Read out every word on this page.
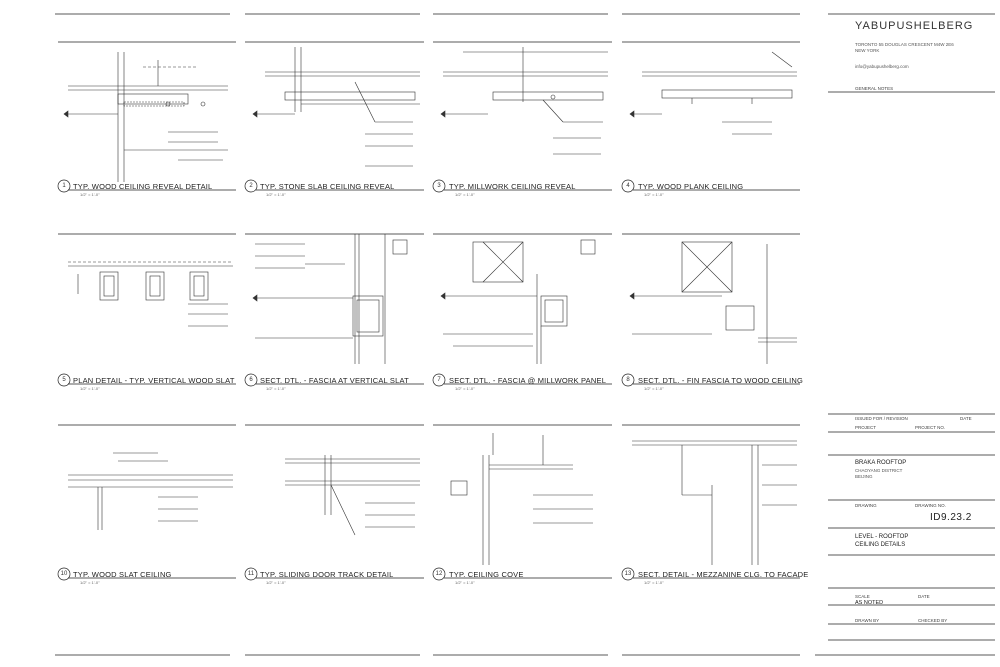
1 TYP. WOOD CEILING REVEAL DETAIL
1/2" = 1'-0"
2 TYP. STONE SLAB CEILING REVEAL
1/2" = 1'-0"
3	TYP. MILLWORK CEILING REVEAL
1/2" = 1'-0"
4	TYP. WOOD PLANK CEILING
1/2" = 1'-0"
5 PLAN DETAIL - TYP. VERTICAL WOOD SLAT
1/2" = 1'-0"
6 SECT. DTL. - FASCIA AT VERTICAL SLAT
1/2" = 1'-0"
7	SECT. DTL. - FASCIA @ MILLWORK PANEL
1/2" = 1'-0"
8	SECT. DTL. - FIN FASCIA TO WOOD CEILING
1/2" = 1'-0"
10 TYP. WOOD SLAT CEILING
1/2" = 1'-0"
11 TYP. SLIDING DOOR TRACK DETAIL
1/2" = 1'-0"
12 TYP. CEILING COVE
1/2" = 1'-0"
13 SECT. DETAIL - MEZZANINE CLG. TO FACADE
1/2" = 1'-0"
YABUPUSHELBERG
TORONTO 55 DOUGLAS CRESCENT M4W 2E6
NEW YORK
info@yabupushelberg.com
GENERAL NOTES
ISSUED FOR / REVISION	DATE
PROJECT	PROJECT NO.
BRAKA ROOFTOP
CHAOYANG DISTRICT
BEIJING
DRAWING	DRAWING NO.
ID9.23.2
LEVEL - ROOFTOP
CEILING DETAILS
SCALE	DATE
AS NOTED
DRAWN BY	CHECKED BY
